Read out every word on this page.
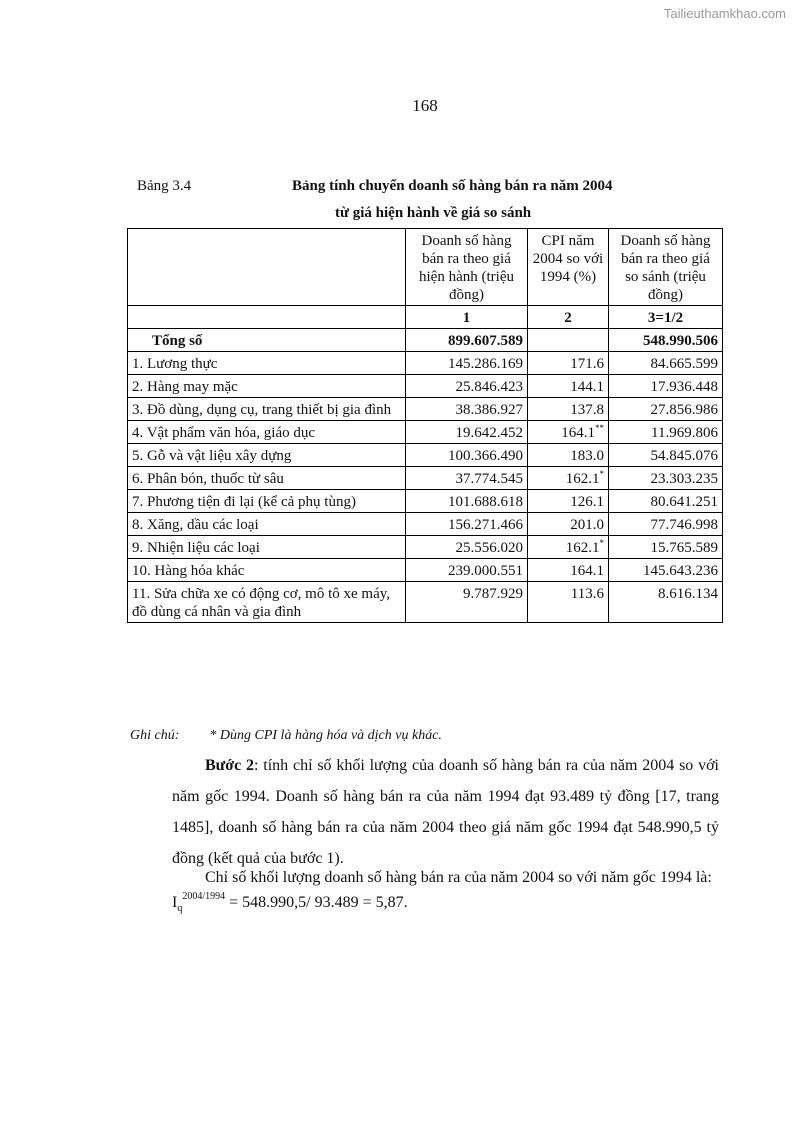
Tailieuthamkhao.com
168
Bảng 3.4	Bảng tính chuyển doanh số hàng bán ra năm 2004
từ giá hiện hành về giá so sánh
	Doanh số hàng bán ra theo giá hiện hành (triệu đồng)	CPI năm 2004 so với 1994 (%)	Doanh số hàng bán ra theo giá so sánh (triệu đồng)
	1	2	3=1/2
Tổng số	899.607.589		548.990.506
1. Lương thực	145.286.169	171.6	84.665.599
2. Hàng may mặc	25.846.423	144.1	17.936.448
3. Đồ dùng, dụng cụ, trang thiết bị gia đình	38.386.927	137.8	27.856.986
4. Vật phẩm văn hóa, giáo dục	19.642.452	164.1**	11.969.806
5. Gỗ và vật liệu xây dựng	100.366.490	183.0	54.845.076
6. Phân bón, thuốc từ sâu	37.774.545	162.1*	23.303.235
7. Phương tiện đi lại (kể cả phụ tùng)	101.688.618	126.1	80.641.251
8. Xăng, dầu các loại	156.271.466	201.0	77.746.998
9. Nhiện liệu các loại	25.556.020	162.1*	15.765.589
10. Hàng hóa khác	239.000.551	164.1	145.643.236
11. Sửa chữa xe có động cơ, mô tô xe máy, đồ dùng cá nhân và gia đình	9.787.929	113.6	8.616.134
Ghi chú: * Dùng CPI là hàng hóa và dịch vụ khác.
Bước 2: tính chỉ số khối lượng của doanh số hàng bán ra của năm 2004 so với năm gốc 1994. Doanh số hàng bán ra của năm 1994 đạt 93.489 tỷ đồng [17, trang 1485], doanh số hàng bán ra của năm 2004 theo giá năm gốc 1994 đạt 548.990,5 tỷ đồng (kết quả của bước 1).
Chỉ số khối lượng doanh số hàng bán ra của năm 2004 so với năm gốc 1994 là:
$I_q^{2004/1994} = 548.990,5/$ 93.489 = 5,87.
